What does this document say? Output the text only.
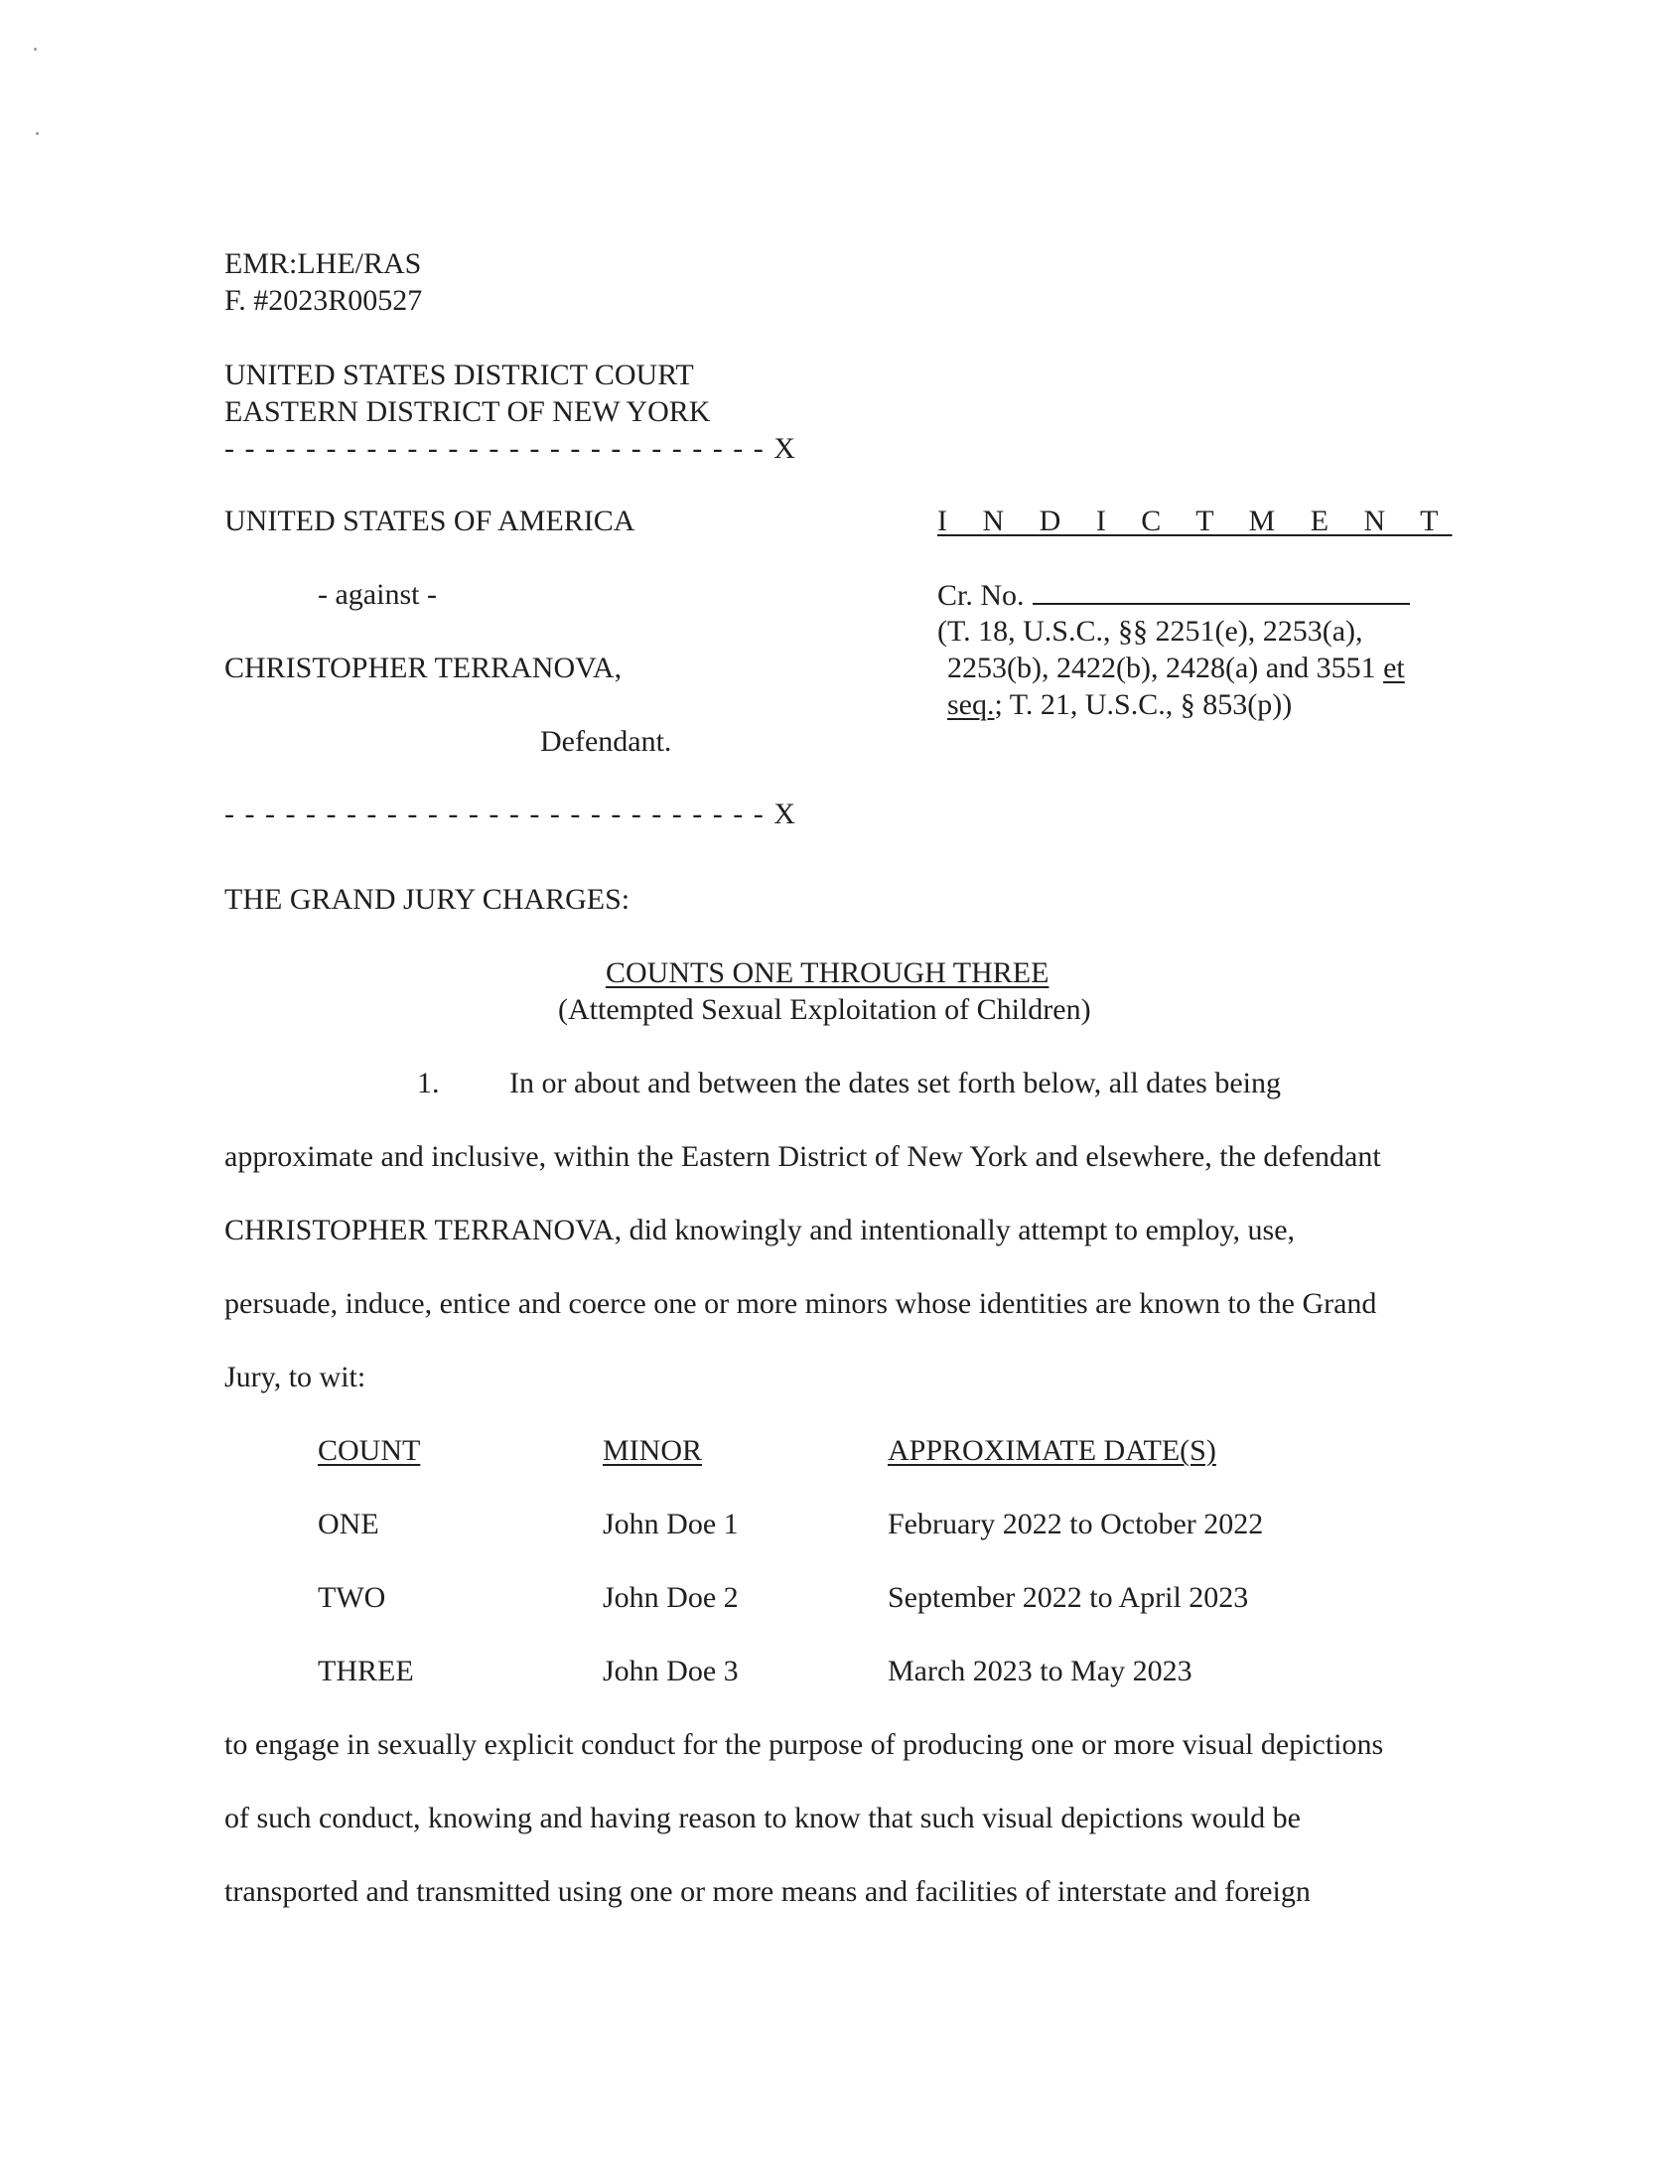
EMR:LHE/RAS
F. #2023R00527
UNITED STATES DISTRICT COURT
EASTERN DISTRICT OF NEW YORK
- - - - - - - - - - - - - - - - - - - - - - - - - - - X
UNITED STATES OF AMERICA
- against -
CHRISTOPHER TERRANOVA,
Defendant.
- - - - - - - - - - - - - - - - - - - - - - - - - - - X
I N D I C T M E N T
Cr. No.
(T. 18, U.S.C., §§ 2251(e), 2253(a),
2253(b), 2422(b), 2428(a) and 3551 et
seq.; T. 21, U.S.C., § 853(p))
THE GRAND JURY CHARGES:
COUNTS ONE THROUGH THREE
(Attempted Sexual Exploitation of Children)
1. In or about and between the dates set forth below, all dates being
approximate and inclusive, within the Eastern District of New York and elsewhere, the defendant
CHRISTOPHER TERRANOVA, did knowingly and intentionally attempt to employ, use,
persuade, induce, entice and coerce one or more minors whose identities are known to the Grand
Jury, to wit:
COUNT	MINOR	APPROXIMATE DATE(S)
ONE	John Doe 1	February 2022 to October 2022
TWO	John Doe 2	September 2022 to April 2023
THREE	John Doe 3	March 2023 to May 2023
to engage in sexually explicit conduct for the purpose of producing one or more visual depictions
of such conduct, knowing and having reason to know that such visual depictions would be
transported and transmitted using one or more means and facilities of interstate and foreign
